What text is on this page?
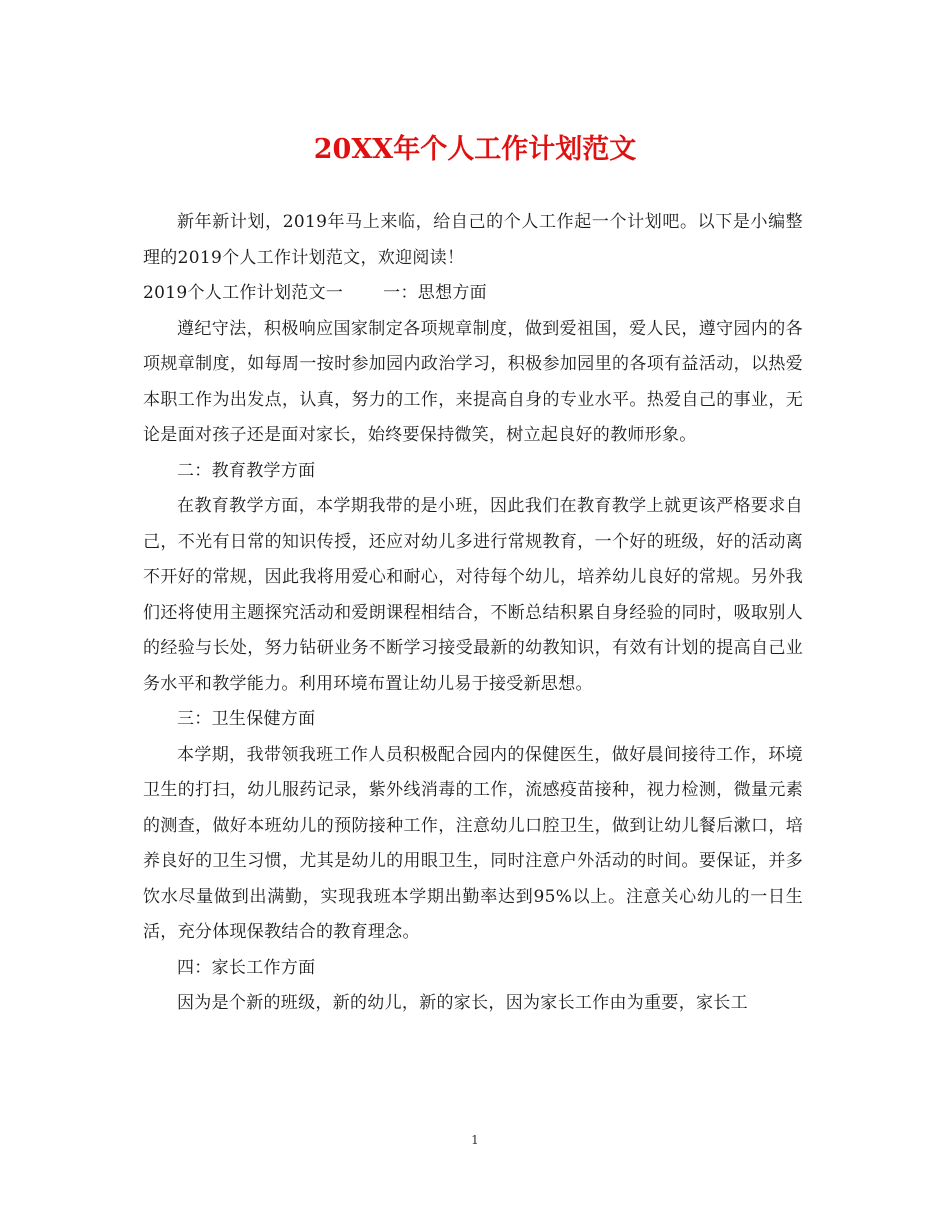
20XX年个人工作计划范文

新年新计划，2019年马上来临，给自己的个人工作起一个计划吧。以下是小编整理的2019个人工作计划范文，欢迎阅读！

2019个人工作计划范文一 一：思想方面

遵纪守法，积极响应国家制定各项规章制度，做到爱祖国，爱人民，遵守园内的各项规章制度，如每周一按时参加园内政治学习，积极参加园里的各项有益活动，以热爱本职工作为出发点，认真，努力的工作，来提高自身的专业水平。热爱自己的事业，无论是面对孩子还是面对家长，始终要保持微笑，树立起良好的教师形象。

二：教育教学方面

在教育教学方面，本学期我带的是小班，因此我们在教育教学上就更该严格要求自己，不光有日常的知识传授，还应对幼儿多进行常规教育，一个好的班级，好的活动离不开好的常规，因此我将用爱心和耐心，对待每个幼儿，培养幼儿良好的常规。另外我们还将使用主题探究活动和爱朗课程相结合，不断总结积累自身经验的同时，吸取别人的经验与长处，努力钻研业务不断学习接受最新的幼教知识，有效有计划的提高自己业务水平和教学能力。利用环境布置让幼儿易于接受新思想。

三：卫生保健方面

本学期，我带领我班工作人员积极配合园内的保健医生，做好晨间接待工作，环境卫生的打扫，幼儿服药记录，紫外线消毒的工作，流感疫苗接种，视力检测，微量元素的测查，做好本班幼儿的预防接种工作，注意幼儿口腔卫生，做到让幼儿餐后漱口，培养良好的卫生习惯，尤其是幼儿的用眼卫生，同时注意户外活动的时间。要保证，并多饮水尽量做到出满勤，实现我班本学期出勤率达到95%以上。注意关心幼儿的一日生活，充分体现保教结合的教育理念。

四：家长工作方面

因为是个新的班级，新的幼儿，新的家长，因为家长工作由为重要，家长工

1
